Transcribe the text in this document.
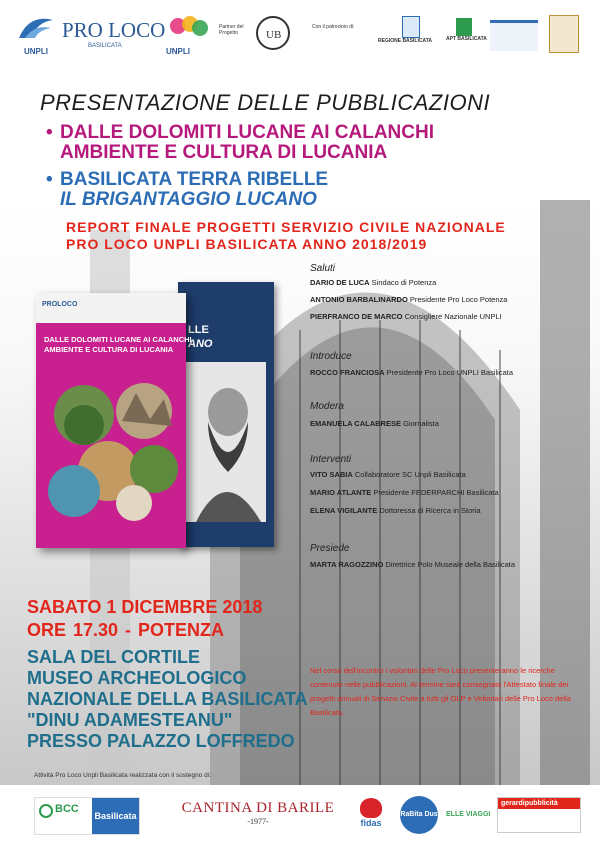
UNPLI
PRO LOCO
BASILICATA
UNPLI
Partner del Progetto	UB
Con il patrocinio di:
REGIONE BASILICATA	APT BASILICATA
PRESENTAZIONE DELLE PUBBLICAZIONI
• DALLE DOLOMITI LUCANE AI CALANCHI
AMBIENTE E CULTURA DI LUCANIA
• BASILICATA TERRA RIBELLE
IL BRIGANTAGGIO LUCANO
REPORT FINALE PROGETTI SERVIZIO CIVILE NAZIONALE
PRO LOCO UNPLI BASILICATA ANNO 2018/2019
LLE
ANO
PROLOCO
DALLE DOLOMITI LUCANE AI CALANCHI
AMBIENTE E CULTURA DI LUCANIA
Saluti
DARIO DE LUCA Sindaco di Potenza
ANTONIO BARBALINARDO Presidente Pro Loco Potenza
PIERFRANCO DE MARCO Consigliere Nazionale UNPLI
Introduce
ROCCO FRANCIOSA Presidente Pro Loco UNPLI Basilicata
Modera
EMANUELA CALABRESE Giornalista
Interventi
VITO SABIA Collaboratore SC Unpli Basilicata
MARIO ATLANTE Presidente FEDERPARCHI Basilicata
ELENA VIGILANTE Dottoressa di Ricerca in Storia
Presiede
MARTA RAGOZZINO Direttrice Polo Museale della Basilicata
SABATO 1 DICEMBRE 2018
ORE 17.30 - POTENZA
SALA DEL CORTILE
MUSEO ARCHEOLOGICO
NAZIONALE DELLA BASILICATA
"DINU ADAMESTEANU"
PRESSO PALAZZO LOFFREDO
Nel corso dell'incontro i volontari delle Pro Loco presenteranno le ricerche contenute nelle pubblicazioni. Al termine sarà consegnato l'Attestato finale dei progetti annuali di Servizio Civile a tutti gli OLP e Volontari delle Pro Loco della Basilicata.
Attività Pro Loco Unpli Basilicata realizzata con il sostegno di:
BCC
Basilicata	CANTINA DI BARILE
-1977-	fidas
RaBita Dus ELLE VIAGGI
gerardipubblicità
